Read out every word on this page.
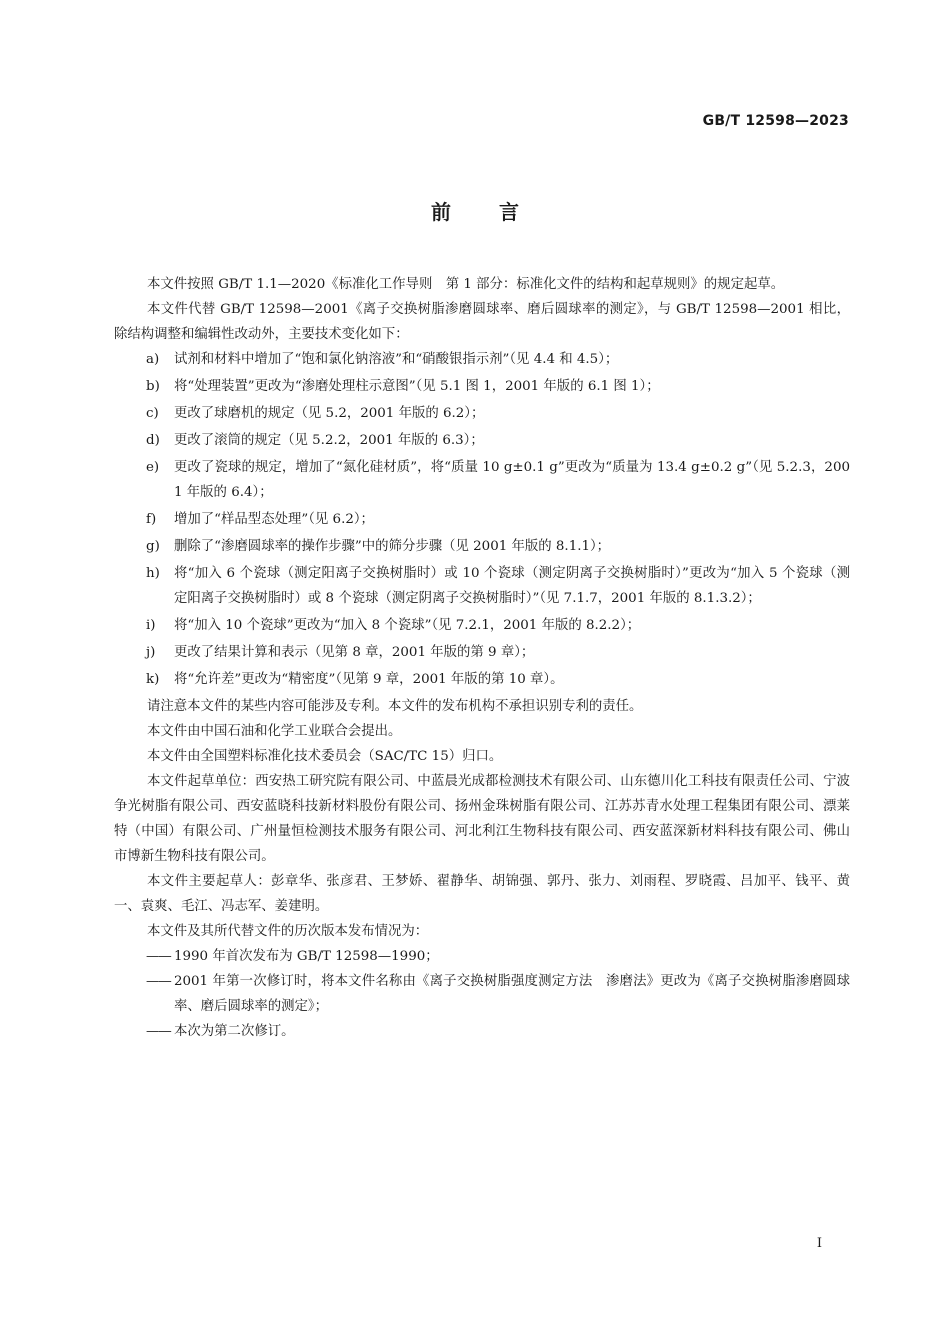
GB/T 12598—2023
前 言

本文件按照 GB/T 1.1—2020《标准化工作导则　第 1 部分：标准化文件的结构和起草规则》的规定起草。

本文件代替 GB/T 12598—2001《离子交换树脂渗磨圆球率、磨后圆球率的测定》，与 GB/T 12598—2001 相比，除结构调整和编辑性改动外，主要技术变化如下：

a) 试剂和材料中增加了“饱和氯化钠溶液”和“硝酸银指示剂”（见 4.4 和 4.5）；
b) 将“处理装置”更改为“渗磨处理柱示意图”（见 5.1 图 1，2001 年版的 6.1 图 1）；
c) 更改了球磨机的规定（见 5.2，2001 年版的 6.2）；
d) 更改了滚筒的规定（见 5.2.2，2001 年版的 6.3）；
e) 更改了瓷球的规定，增加了“氮化硅材质”，将“质量 10 g±0.1 g”更改为“质量为 13.4 g±0.2 g”（见 5.2.3，2001 年版的 6.4）；
f) 增加了“样品型态处理”（见 6.2）；
g) 删除了“渗磨圆球率的操作步骤”中的筛分步骤（见 2001 年版的 8.1.1）；
h) 将“加入 6 个瓷球（测定阳离子交换树脂时）或 10 个瓷球（测定阴离子交换树脂时）”更改为“加入 5 个瓷球（测定阳离子交换树脂时）或 8 个瓷球（测定阴离子交换树脂时）”（见 7.1.7，2001 年版的 8.1.3.2）；
i) 将“加入 10 个瓷球”更改为“加入 8 个瓷球”（见 7.2.1，2001 年版的 8.2.2）；
j) 更改了结果计算和表示（见第 8 章，2001 年版的第 9 章）；
k) 将“允许差”更改为“精密度”（见第 9 章，2001 年版的第 10 章）。

请注意本文件的某些内容可能涉及专利。本文件的发布机构不承担识别专利的责任。

本文件由中国石油和化学工业联合会提出。

本文件由全国塑料标准化技术委员会（SAC/TC 15）归口。

本文件起草单位：西安热工研究院有限公司、中蓝晨光成都检测技术有限公司、山东德川化工科技有限责任公司、宁波争光树脂有限公司、西安蓝晓科技新材料股份有限公司、扬州金珠树脂有限公司、江苏苏青水处理工程集团有限公司、漂莱特（中国）有限公司、广州量恒检测技术服务有限公司、河北利江生物科技有限公司、西安蓝深新材料科技有限公司、佛山市博新生物科技有限公司。

本文件主要起草人：彭章华、张彦君、王梦娇、翟静华、胡锦强、郭丹、张力、刘雨程、罗晓霞、吕加平、钱平、黄一、袁爽、毛江、冯志军、姜建明。

本文件及其所代替文件的历次版本发布情况为：

—— 1990 年首次发布为 GB/T 12598—1990；
—— 2001 年第一次修订时，将本文件名称由《离子交换树脂强度测定方法　渗磨法》更改为《离子交换树脂渗磨圆球率、磨后圆球率的测定》；
—— 本次为第二次修订。
I
